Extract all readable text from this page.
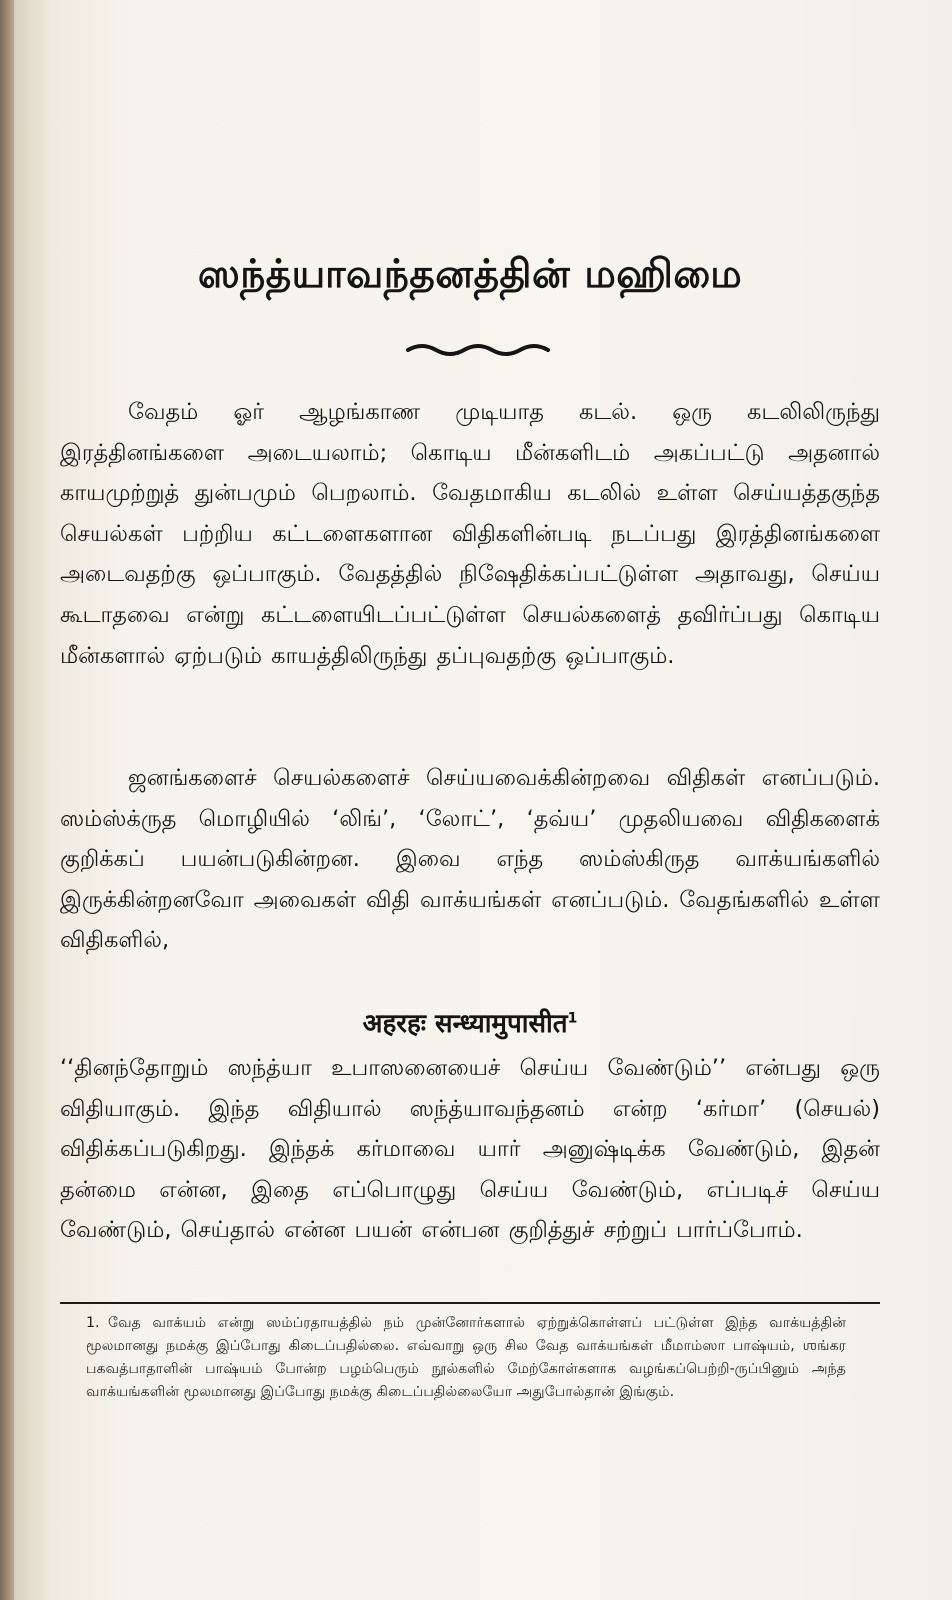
ஸந்த்யாவந்தனத்தின் மஹிமை
வேதம் ஓர் ஆழங்காண முடியாத கடல். ஒரு கடலிலிருந்து இரத்தினங்களை அடையலாம்; கொடிய மீன்களிடம் அகப்பட்டு அதனால் காயமுற்றுத் துன்பமும் பெறலாம். வேதமாகிய கடலில் உள்ள செய்யத்தகுந்த செயல்கள் பற்றிய கட்டளைகளான விதிகளின்படி நடப்பது இரத்தினங்களை அடைவதற்கு ஒப்பாகும். வேதத்தில் நிஷேதிக்கப்பட்டுள்ள அதாவது, செய்ய கூடாதவை என்று கட்டளையிடப்பட்டுள்ள செயல்களைத் தவிர்ப்பது கொடிய மீன்களால் ஏற்படும் காயத்திலிருந்து தப்புவதற்கு ஒப்பாகும்.
ஜனங்களைச் செயல்களைச் செய்யவைக்கின்றவை விதிகள் எனப்படும். ஸம்ஸ்க்ருத மொழியில் ‘லிங்’, ‘லோட்’, ‘தவ்ய’ முதலியவை விதிகளைக் குறிக்கப் பயன்படுகின்றன. இவை எந்த ஸம்ஸ்கிருத வாக்யங்களில் இருக்கின்றனவோ அவைகள் விதி வாக்யங்கள் எனப்படும். வேதங்களில் உள்ள விதிகளில்,
अहरहः सन्ध्यामुपासीत$^1$
‘‘தினந்தோறும் ஸந்த்யா உபாஸனையைச் செய்ய வேண்டும்’’ என்பது ஒரு விதியாகும். இந்த விதியால் ஸந்த்யாவந்தனம் என்ற ‘கர்மா’ (செயல்) விதிக்கப்படுகிறது. இந்தக் கர்மாவை யார் அனுஷ்டிக்க வேண்டும், இதன் தன்மை என்ன, இதை எப்பொழுது செய்ய வேண்டும், எப்படிச் செய்ய வேண்டும், செய்தால் என்ன பயன் என்பன குறித்துச் சற்றுப் பார்ப்போம்.
1. வேத வாக்யம் என்று ஸம்ப்ரதாயத்தில் நம் முன்னோர்களால் ஏற்றுக்கொள்ளப் பட்டுள்ள இந்த வாக்யத்தின் மூலமானது நமக்கு இப்போது கிடைப்பதில்லை. எவ்வாறு ஒரு சில வேத வாக்யங்கள் மீமாம்ஸா பாஷ்யம், ஶங்கர பகவத்பாதாளின் பாஷ்யம் போன்ற பழம்பெரும் நூல்களில் மேற்கோள்களாக வழங்கப்பெற்றி-ருப்பினும் அந்த வாக்யங்களின் மூலமானது இப்போது நமக்கு கிடைப்பதில்லையோ அதுபோல்தான் இங்கும்.
